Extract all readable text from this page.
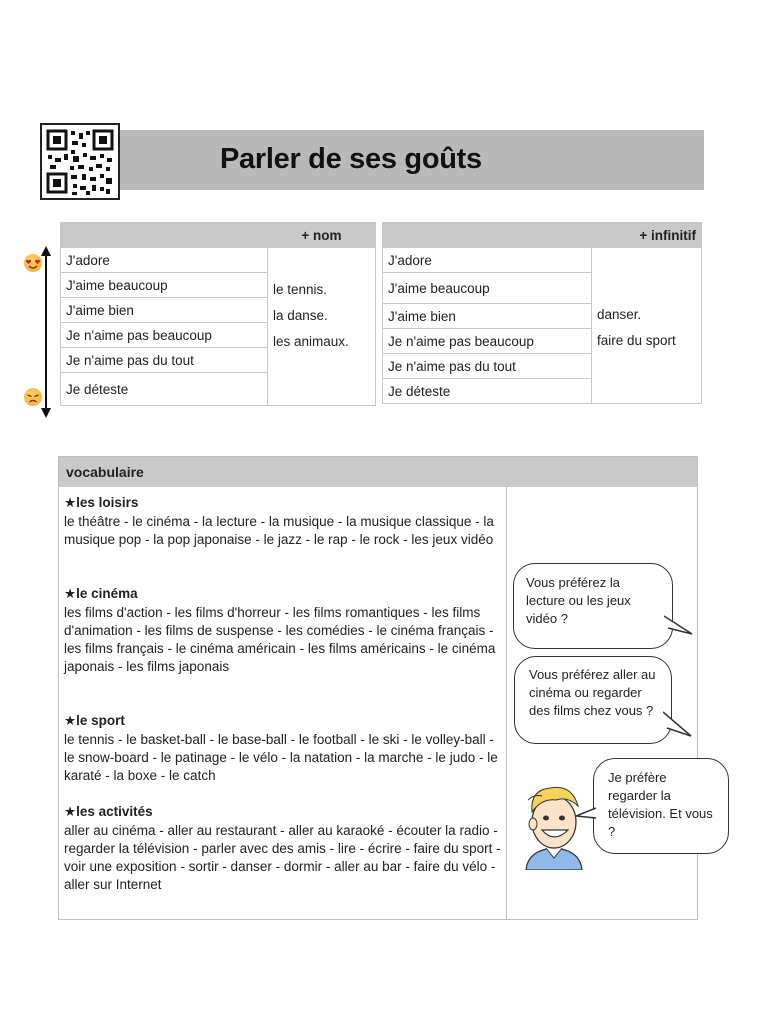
Parler de ses goûts
	+ nom
J'adore	le tennis.
la danse.
les animaux.

J'aime beaucoup	
J'aime bien	
Je n'aime pas beaucoup	
Je n'aime pas du tout	
Je déteste	
	+ infinitif
J'adore	danser.
faire du sport

J'aime beaucoup	
J'aime bien	
Je n'aime pas beaucoup	
Je n'aime pas du tout	
Je déteste	
vocabulaire
★les loisirs
le théâtre - le cinéma - la lecture - la musique - la musique classique - la musique pop - la pop japonaise - le jazz - le rap - le rock - les jeux vidéo
★le cinéma
les films d'action - les films d'horreur - les films romantiques - les films d'animation - les films de suspense - les comédies - le cinéma français - les films français - le cinéma américain - les films américains - le cinéma japonais - les films japonais
★le sport
le tennis - le basket-ball - le base-ball - le football - le ski - le volley-ball - le snow-board - le patinage - le vélo - la natation - la marche - le judo - le karaté - la boxe - le catch
★les activités
aller au cinéma - aller au restaurant - aller au karaoké - écouter la radio - regarder la télévision - parler avec des amis - lire - écrire - faire du sport - voir une exposition - sortir - danser - dormir - aller au bar - faire du vélo - aller sur Internet
Vous préférez la lecture ou les jeux vidéo ?
Vous préférez aller au cinéma ou regarder des films chez vous ?
Je préfère regarder la télévision. Et vous ?
